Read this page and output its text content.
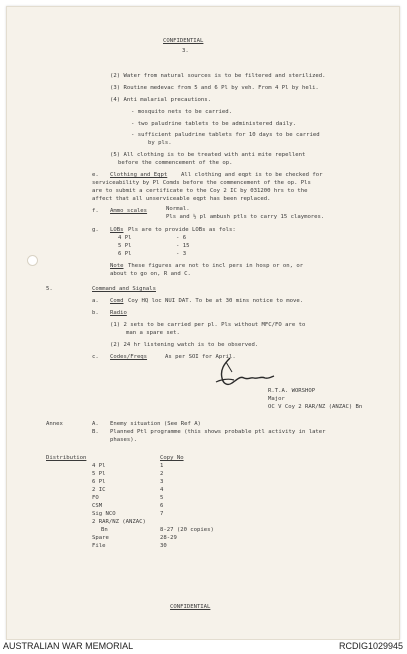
CONFIDENTIAL
3.
(2) Water from natural sources is to be filtered and sterilized.
(3) Routine medevac from 5 and 6 Pl by veh. From 4 Pl by heli.
(4) Anti malarial precautions.
- mosquito nets to be carried.
- two paludrine tablets to be administered daily.
- sufficient paludrine tablets for 10 days to be carried
by pls.
(5) All clothing is to be treated with anti mite repellent
before the commencement of the op.
e. Clothing and Eqpt All clothing and eqpt is to be checked for
serviceability by Pl Comds before the commencement of the op. Pls
are to submit a certificate to the Coy 2 IC by 031200 hrs to the
affect that all unserviceable eqpt has been replaced.
f. Ammo scales	Normal.
Pls and ½ pl ambush ptls to carry 15 claymores.
g. LOBs Pls are to provide LOBs as fols:
4 Pl	- 6
5 Pl	- 15
6 Pl	- 3
Note These figures are not to incl pers in hosp or on, or
about to go on, R and C.
5.	Command and Signals
a. Comd Coy HQ loc NUI DAT. To be at 30 mins notice to move.
b. Radio
(1) 2 sets to be carried per pl. Pls without MFC/FO are to
man a spare set.
(2) 24 hr listening watch is to be observed.
c. Codes/Freqs	As per SOI for April.
R.T.A. WORSHOP
Major
OC V Coy 2 RAR/NZ (ANZAC) Bn
Annex	A. Enemy situation (See Ref A)
B. Planned Ptl programme (this shows probable ptl activity in later
phases).
Distribution	Copy No
4 Pl	1
5 Pl	2
6 Pl	3
2 IC	4
FO	5
CSM	6
Sig NCO	7
2 RAR/NZ (ANZAC)
Bn	8-27 (20 copies)
Spare	28-29
File	30
CONFIDENTIAL
AUSTRALIAN WAR MEMORIAL	RCDIG1029945
